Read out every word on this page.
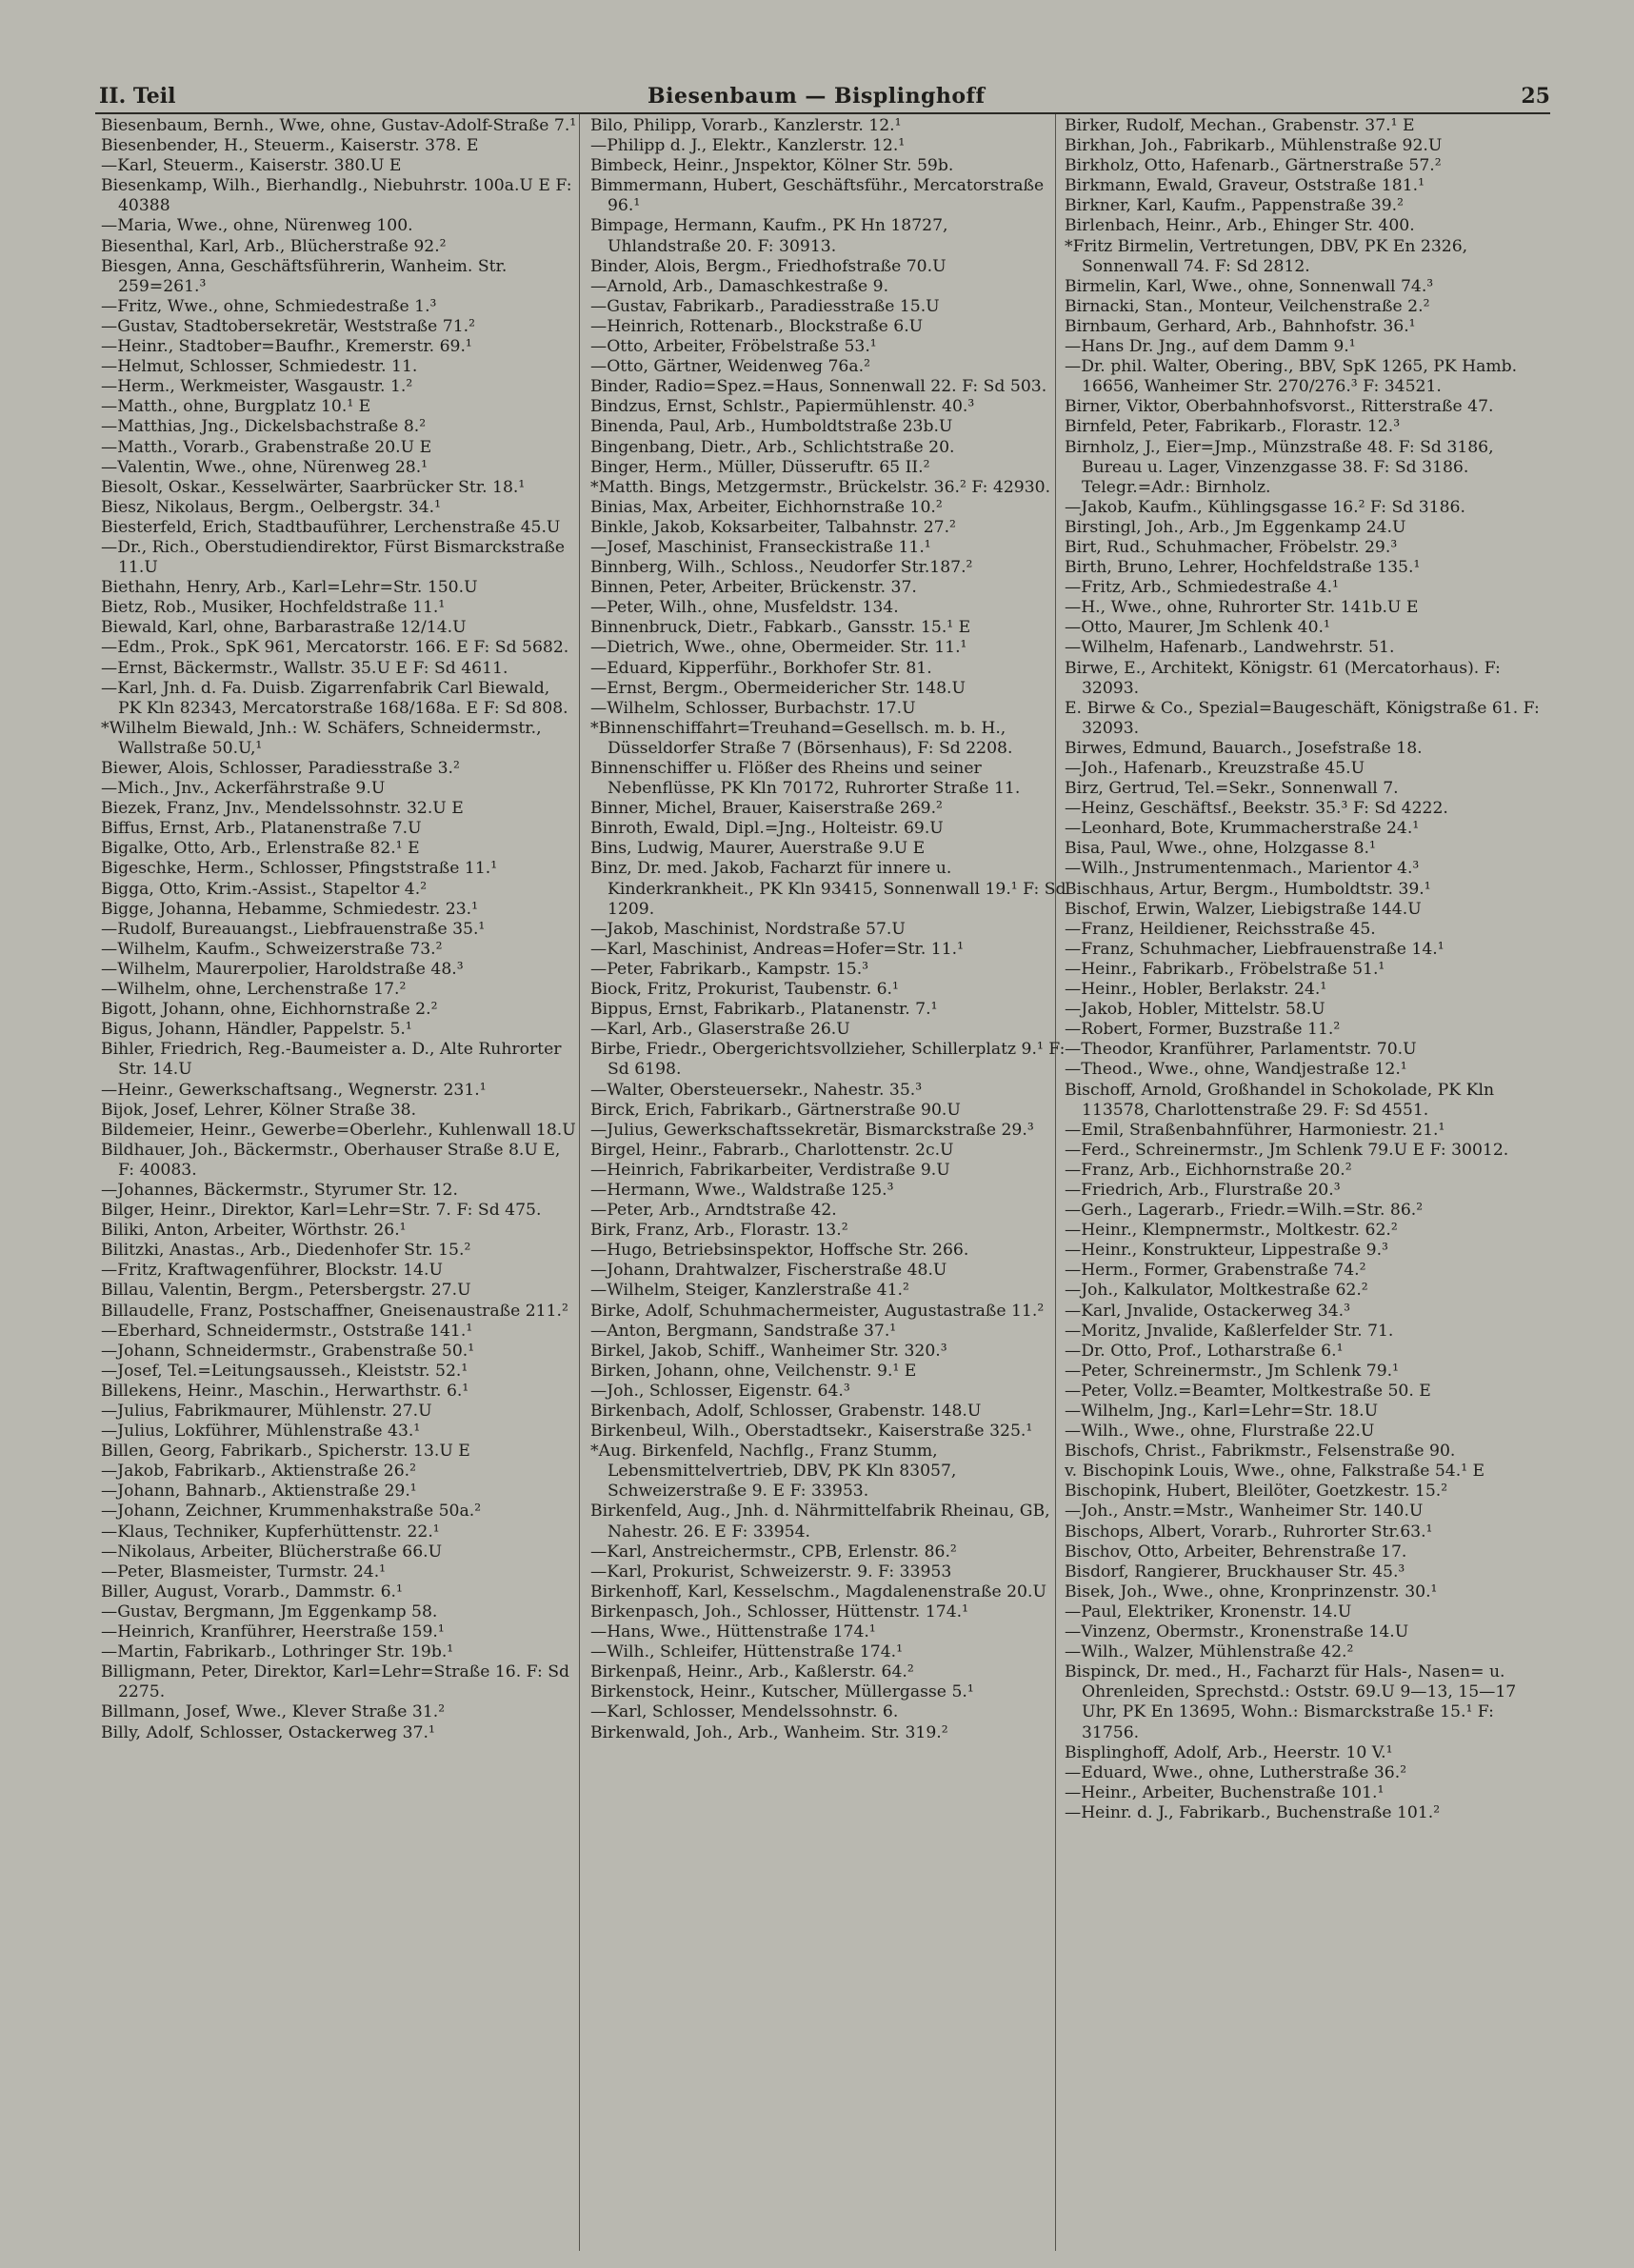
II. Teil	Biesenbaum — Bisplinghoff	25

Biesenbaum, Bernh., Wwe, ohne, Gustav-Adolf-Straße 7.¹

Biesenbender, H., Steuerm., Kaiserstr. 378. E

—Karl, Steuerm., Kaiserstr. 380.U E

Biesenkamp, Wilh., Bierhandlg., Niebuhrstr. 100a.U E F: 40388

—Maria, Wwe., ohne, Nürenweg 100.

Biesenthal, Karl, Arb., Blücherstraße 92.²

Biesgen, Anna, Geschäftsführerin, Wanheim. Str. 259=261.³

—Fritz, Wwe., ohne, Schmiedestraße 1.³

—Gustav, Stadtobersekretär, Weststraße 71.²

—Heinr., Stadtober=Baufhr., Kremerstr. 69.¹

—Helmut, Schlosser, Schmiedestr. 11.

—Herm., Werkmeister, Wasgaustr. 1.²

—Matth., ohne, Burgplatz 10.¹ E

—Matthias, Jng., Dickelsbachstraße 8.²

—Matth., Vorarb., Grabenstraße 20.U E

—Valentin, Wwe., ohne, Nürenweg 28.¹

Biesolt, Oskar., Kesselwärter, Saarbrücker Str. 18.¹

Biesz, Nikolaus, Bergm., Oelbergstr. 34.¹

Biesterfeld, Erich, Stadtbauführer, Lerchenstraße 45.U

—Dr., Rich., Oberstudiendirektor, Fürst Bismarckstraße 11.U

Biethahn, Henry, Arb., Karl=Lehr=Str. 150.U

Bietz, Rob., Musiker, Hochfeldstraße 11.¹

Biewald, Karl, ohne, Barbarastraße 12/14.U

—Edm., Prok., SpK 961, Mercatorstr. 166. E F: Sd 5682.

—Ernst, Bäckermstr., Wallstr. 35.U E F: Sd 4611.

—Karl, Jnh. d. Fa. Duisb. Zigarrenfabrik Carl Biewald, PK Kln 82343, Mercatorstraße 168/168a. E F: Sd 808.

*Wilhelm Biewald, Jnh.: W. Schäfers, Schneidermstr., Wallstraße 50.U,¹

Biewer, Alois, Schlosser, Paradiesstraße 3.²

—Mich., Jnv., Ackerfährstraße 9.U

Biezek, Franz, Jnv., Mendelssohnstr. 32.U E

Biffus, Ernst, Arb., Platanenstraße 7.U

Bigalke, Otto, Arb., Erlenstraße 82.¹ E

Bigeschke, Herm., Schlosser, Pfingststraße 11.¹

Bigga, Otto, Krim.-Assist., Stapeltor 4.²

Bigge, Johanna, Hebamme, Schmiedestr. 23.¹

—Rudolf, Bureauangst., Liebfrauenstraße 35.¹

—Wilhelm, Kaufm., Schweizerstraße 73.²

—Wilhelm, Maurerpolier, Haroldstraße 48.³

—Wilhelm, ohne, Lerchenstraße 17.²

Bigott, Johann, ohne, Eichhornstraße 2.²

Bigus, Johann, Händler, Pappelstr. 5.¹

Bihler, Friedrich, Reg.-Baumeister a. D., Alte Ruhrorter Str. 14.U

—Heinr., Gewerkschaftsang., Wegnerstr. 231.¹

Bijok, Josef, Lehrer, Kölner Straße 38.

Bildemeier, Heinr., Gewerbe=Oberlehr., Kuhlenwall 18.U

Bildhauer, Joh., Bäckermstr., Oberhauser Straße 8.U E, F: 40083.

—Johannes, Bäckermstr., Styrumer Str. 12.

Bilger, Heinr., Direktor, Karl=Lehr=Str. 7. F: Sd 475.

Biliki, Anton, Arbeiter, Wörthstr. 26.¹

Bilitzki, Anastas., Arb., Diedenhofer Str. 15.²

—Fritz, Kraftwagenführer, Blockstr. 14.U

Billau, Valentin, Bergm., Petersbergstr. 27.U

Billaudelle, Franz, Postschaffner, Gneisenaustraße 211.²

—Eberhard, Schneidermstr., Oststraße 141.¹

—Johann, Schneidermstr., Grabenstraße 50.¹

—Josef, Tel.=Leitungsausseh., Kleiststr. 52.¹

Billekens, Heinr., Maschin., Herwarthstr. 6.¹

—Julius, Fabrikmaurer, Mühlenstr. 27.U

—Julius, Lokführer, Mühlenstraße 43.¹

Billen, Georg, Fabrikarb., Spicherstr. 13.U E

—Jakob, Fabrikarb., Aktienstraße 26.²

—Johann, Bahnarb., Aktienstraße 29.¹

—Johann, Zeichner, Krummenhakstraße 50a.²

—Klaus, Techniker, Kupferhüttenstr. 22.¹

—Nikolaus, Arbeiter, Blücherstraße 66.U

—Peter, Blasmeister, Turmstr. 24.¹

Biller, August, Vorarb., Dammstr. 6.¹

—Gustav, Bergmann, Jm Eggenkamp 58.

—Heinrich, Kranführer, Heerstraße 159.¹

—Martin, Fabrikarb., Lothringer Str. 19b.¹

Billigmann, Peter, Direktor, Karl=Lehr=Straße 16. F: Sd 2275.

Billmann, Josef, Wwe., Klever Straße 31.²

Billy, Adolf, Schlosser, Ostackerweg 37.¹

Bilo, Philipp, Vorarb., Kanzlerstr. 12.¹

—Philipp d. J., Elektr., Kanzlerstr. 12.¹

Bimbeck, Heinr., Jnspektor, Kölner Str. 59b.

Bimmermann, Hubert, Geschäftsführ., Mercatorstraße 96.¹

Bimpage, Hermann, Kaufm., PK Hn 18727, Uhlandstraße 20. F: 30913.

Binder, Alois, Bergm., Friedhofstraße 70.U

—Arnold, Arb., Damaschkestraße 9.

—Gustav, Fabrikarb., Paradiesstraße 15.U

—Heinrich, Rottenarb., Blockstraße 6.U

—Otto, Arbeiter, Fröbelstraße 53.¹

—Otto, Gärtner, Weidenweg 76a.²

Binder, Radio=Spez.=Haus, Sonnenwall 22. F: Sd 503.

Bindzus, Ernst, Schlstr., Papiermühlenstr. 40.³

Binenda, Paul, Arb., Humboldtstraße 23b.U

Bingenbang, Dietr., Arb., Schlichtstraße 20.

Binger, Herm., Müller, Düsseruftr. 65 II.²

*Matth. Bings, Metzgermstr., Brückelstr. 36.² F: 42930.

Binias, Max, Arbeiter, Eichhornstraße 10.²

Binkle, Jakob, Koksarbeiter, Talbahnstr. 27.²

—Josef, Maschinist, Franseckistraße 11.¹

Binnberg, Wilh., Schloss., Neudorfer Str.187.²

Binnen, Peter, Arbeiter, Brückenstr. 37.

—Peter, Wilh., ohne, Musfeldstr. 134.

Binnenbruck, Dietr., Fabkarb., Gansstr. 15.¹ E

—Dietrich, Wwe., ohne, Obermeider. Str. 11.¹

—Eduard, Kipperführ., Borkhofer Str. 81.

—Ernst, Bergm., Obermeidericher Str. 148.U

—Wilhelm, Schlosser, Burbachstr. 17.U

*Binnenschiffahrt=Treuhand=Gesellsch. m. b. H., Düsseldorfer Straße 7 (Börsenhaus), F: Sd 2208.

Binnenschiffer u. Flößer des Rheins und seiner Nebenflüsse, PK Kln 70172, Ruhrorter Straße 11.

Binner, Michel, Brauer, Kaiserstraße 269.²

Binroth, Ewald, Dipl.=Jng., Holteistr. 69.U

Bins, Ludwig, Maurer, Auerstraße 9.U E

Binz, Dr. med. Jakob, Facharzt für innere u. Kinderkrankheit., PK Kln 93415, Sonnenwall 19.¹ F: Sd 1209.

—Jakob, Maschinist, Nordstraße 57.U

—Karl, Maschinist, Andreas=Hofer=Str. 11.¹

—Peter, Fabrikarb., Kampstr. 15.³

Biock, Fritz, Prokurist, Taubenstr. 6.¹

Bippus, Ernst, Fabrikarb., Platanenstr. 7.¹

—Karl, Arb., Glaserstraße 26.U

Birbe, Friedr., Obergerichtsvollzieher, Schillerplatz 9.¹ F: Sd 6198.

—Walter, Obersteuersekr., Nahestr. 35.³

Birck, Erich, Fabrikarb., Gärtnerstraße 90.U

—Julius, Gewerkschaftssekretär, Bismarckstraße 29.³

Birgel, Heinr., Fabrarb., Charlottenstr. 2c.U

—Heinrich, Fabrikarbeiter, Verdistraße 9.U

—Hermann, Wwe., Waldstraße 125.³

—Peter, Arb., Arndtstraße 42.

Birk, Franz, Arb., Florastr. 13.²

—Hugo, Betriebsinspektor, Hoffsche Str. 266.

—Johann, Drahtwalzer, Fischerstraße 48.U

—Wilhelm, Steiger, Kanzlerstraße 41.²

Birke, Adolf, Schuhmachermeister, Augustastraße 11.²

—Anton, Bergmann, Sandstraße 37.¹

Birkel, Jakob, Schiff., Wanheimer Str. 320.³

Birken, Johann, ohne, Veilchenstr. 9.¹ E

—Joh., Schlosser, Eigenstr. 64.³

Birkenbach, Adolf, Schlosser, Grabenstr. 148.U

Birkenbeul, Wilh., Oberstadtsekr., Kaiserstraße 325.¹

*Aug. Birkenfeld, Nachflg., Franz Stumm, Lebensmittelvertrieb, DBV, PK Kln 83057, Schweizerstraße 9. E F: 33953.

Birkenfeld, Aug., Jnh. d. Nährmittelfabrik Rheinau, GB, Nahestr. 26. E F: 33954.

—Karl, Anstreichermstr., CPB, Erlenstr. 86.²

—Karl, Prokurist, Schweizerstr. 9. F: 33953

Birkenhoff, Karl, Kesselschm., Magdalenenstraße 20.U

Birkenpasch, Joh., Schlosser, Hüttenstr. 174.¹

—Hans, Wwe., Hüttenstraße 174.¹

—Wilh., Schleifer, Hüttenstraße 174.¹

Birkenpaß, Heinr., Arb., Kaßlerstr. 64.²

Birkenstock, Heinr., Kutscher, Müllergasse 5.¹

—Karl, Schlosser, Mendelssohnstr. 6.

Birkenwald, Joh., Arb., Wanheim. Str. 319.²

Birker, Rudolf, Mechan., Grabenstr. 37.¹ E

Birkhan, Joh., Fabrikarb., Mühlenstraße 92.U

Birkholz, Otto, Hafenarb., Gärtnerstraße 57.²

Birkmann, Ewald, Graveur, Oststraße 181.¹

Birkner, Karl, Kaufm., Pappenstraße 39.²

Birlenbach, Heinr., Arb., Ehinger Str. 400.

*Fritz Birmelin, Vertretungen, DBV, PK En 2326, Sonnenwall 74. F: Sd 2812.

Birmelin, Karl, Wwe., ohne, Sonnenwall 74.³

Birnacki, Stan., Monteur, Veilchenstraße 2.²

Birnbaum, Gerhard, Arb., Bahnhofstr. 36.¹

—Hans Dr. Jng., auf dem Damm 9.¹

—Dr. phil. Walter, Obering., BBV, SpK 1265, PK Hamb. 16656, Wanheimer Str. 270/276.³ F: 34521.

Birner, Viktor, Oberbahnhofsvorst., Ritterstraße 47.

Birnfeld, Peter, Fabrikarb., Florastr. 12.³

Birnholz, J., Eier=Jmp., Münzstraße 48. F: Sd 3186, Bureau u. Lager, Vinzenzgasse 38. F: Sd 3186. Telegr.=Adr.: Birnholz.

—Jakob, Kaufm., Kühlingsgasse 16.² F: Sd 3186.

Birstingl, Joh., Arb., Jm Eggenkamp 24.U

Birt, Rud., Schuhmacher, Fröbelstr. 29.³

Birth, Bruno, Lehrer, Hochfeldstraße 135.¹

—Fritz, Arb., Schmiedestraße 4.¹

—H., Wwe., ohne, Ruhrorter Str. 141b.U E

—Otto, Maurer, Jm Schlenk 40.¹

—Wilhelm, Hafenarb., Landwehrstr. 51.

Birwe, E., Architekt, Königstr. 61 (Mercatorhaus). F: 32093.

E. Birwe & Co., Spezial=Baugeschäft, Königstraße 61. F: 32093.

Birwes, Edmund, Bauarch., Josefstraße 18.

—Joh., Hafenarb., Kreuzstraße 45.U

Birz, Gertrud, Tel.=Sekr., Sonnenwall 7.

—Heinz, Geschäftsf., Beekstr. 35.³ F: Sd 4222.

—Leonhard, Bote, Krummacherstraße 24.¹

Bisa, Paul, Wwe., ohne, Holzgasse 8.¹

—Wilh., Jnstrumentenmach., Marientor 4.³

Bischhaus, Artur, Bergm., Humboldtstr. 39.¹

Bischof, Erwin, Walzer, Liebigstraße 144.U

—Franz, Heildiener, Reichsstraße 45.

—Franz, Schuhmacher, Liebfrauenstraße 14.¹

—Heinr., Fabrikarb., Fröbelstraße 51.¹

—Heinr., Hobler, Berlakstr. 24.¹

—Jakob, Hobler, Mittelstr. 58.U

—Robert, Former, Buzstraße 11.²

—Theodor, Kranführer, Parlamentstr. 70.U

—Theod., Wwe., ohne, Wandjestraße 12.¹

Bischoff, Arnold, Großhandel in Schokolade, PK Kln 113578, Charlottenstraße 29. F: Sd 4551.

—Emil, Straßenbahnführer, Harmoniestr. 21.¹

—Ferd., Schreinermstr., Jm Schlenk 79.U E F: 30012.

—Franz, Arb., Eichhornstraße 20.²

—Friedrich, Arb., Flurstraße 20.³

—Gerh., Lagerarb., Friedr.=Wilh.=Str. 86.²

—Heinr., Klempnermstr., Moltkestr. 62.²

—Heinr., Konstrukteur, Lippestraße 9.³

—Herm., Former, Grabenstraße 74.²

—Joh., Kalkulator, Moltkestraße 62.²

—Karl, Jnvalide, Ostackerweg 34.³

—Moritz, Jnvalide, Kaßlerfelder Str. 71.

—Dr. Otto, Prof., Lotharstraße 6.¹

—Peter, Schreinermstr., Jm Schlenk 79.¹

—Peter, Vollz.=Beamter, Moltkestraße 50. E

—Wilhelm, Jng., Karl=Lehr=Str. 18.U

—Wilh., Wwe., ohne, Flurstraße 22.U

Bischofs, Christ., Fabrikmstr., Felsenstraße 90.

v. Bischopink Louis, Wwe., ohne, Falkstraße 54.¹ E

Bischopink, Hubert, Bleilöter, Goetzkestr. 15.²

—Joh., Anstr.=Mstr., Wanheimer Str. 140.U

Bischops, Albert, Vorarb., Ruhrorter Str.63.¹

Bischov, Otto, Arbeiter, Behrenstraße 17.

Bisdorf, Rangierer, Bruckhauser Str. 45.³

Bisek, Joh., Wwe., ohne, Kronprinzenstr. 30.¹

—Paul, Elektriker, Kronenstr. 14.U

—Vinzenz, Obermstr., Kronenstraße 14.U

—Wilh., Walzer, Mühlenstraße 42.²

Bispinck, Dr. med., H., Facharzt für Hals-, Nasen= u. Ohrenleiden, Sprechstd.: Oststr. 69.U 9—13, 15—17 Uhr, PK En 13695, Wohn.: Bismarckstraße 15.¹ F: 31756.

Bisplinghoff, Adolf, Arb., Heerstr. 10 V.¹

—Eduard, Wwe., ohne, Lutherstraße 36.²

—Heinr., Arbeiter, Buchenstraße 101.¹

—Heinr. d. J., Fabrikarb., Buchenstraße 101.²
